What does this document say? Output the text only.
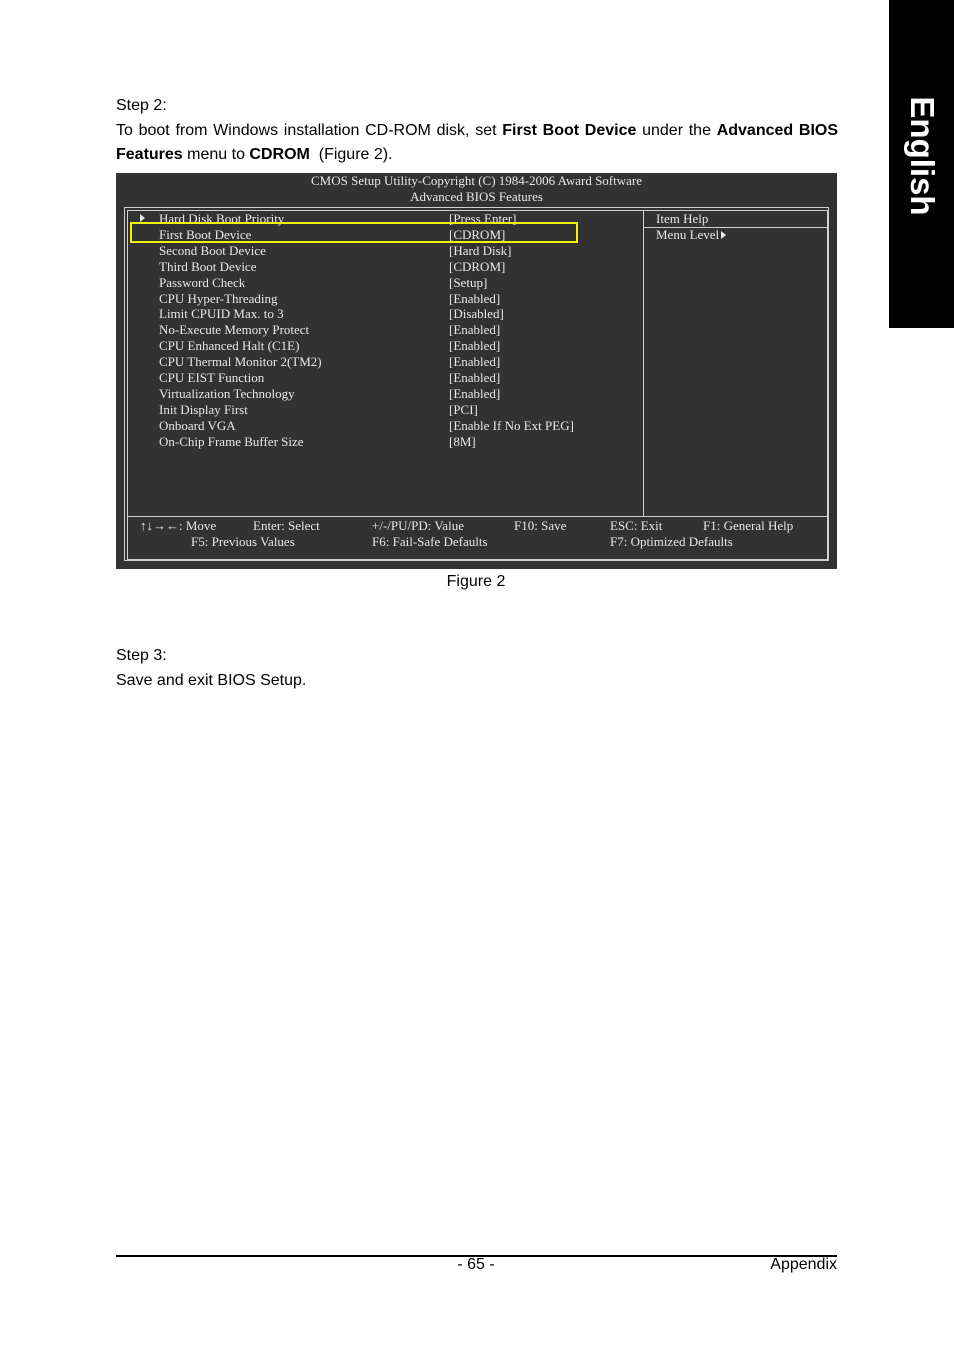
English

Step 2:

To boot from Windows installation CD-ROM disk, set First Boot Device under the Advanced BIOS Features menu to CDROM  (Figure 2).

CMOS Setup Utility-Copyright (C) 1984-2006 Award Software
Advanced BIOS Features
Hard Disk Boot Priority	[Press Enter]
First Boot Device	[CDROM]
Second Boot Device	[Hard Disk]
Third Boot Device	[CDROM]
Password Check	[Setup]
CPU Hyper-Threading	[Enabled]
Limit CPUID Max. to 3	[Disabled]
No-Execute Memory Protect	[Enabled]
CPU Enhanced Halt (C1E)	[Enabled]
CPU Thermal Monitor 2(TM2)	[Enabled]
CPU EIST Function	[Enabled]
Virtualization Technology	[Enabled]
Init Display First	[PCI]
Onboard VGA	[Enable If No Ext PEG]
On-Chip Frame Buffer Size	[8M]
Item Help
Menu Level
↑↓→←: Move	Enter: Select	+/-/PU/PD: Value	F10: Save	ESC: Exit	F1: General Help
F5: Previous Values	F6: Fail-Safe Defaults	F7: Optimized Defaults
Figure 2

Step 3:

Save and exit BIOS Setup.

- 65 -	Appendix
